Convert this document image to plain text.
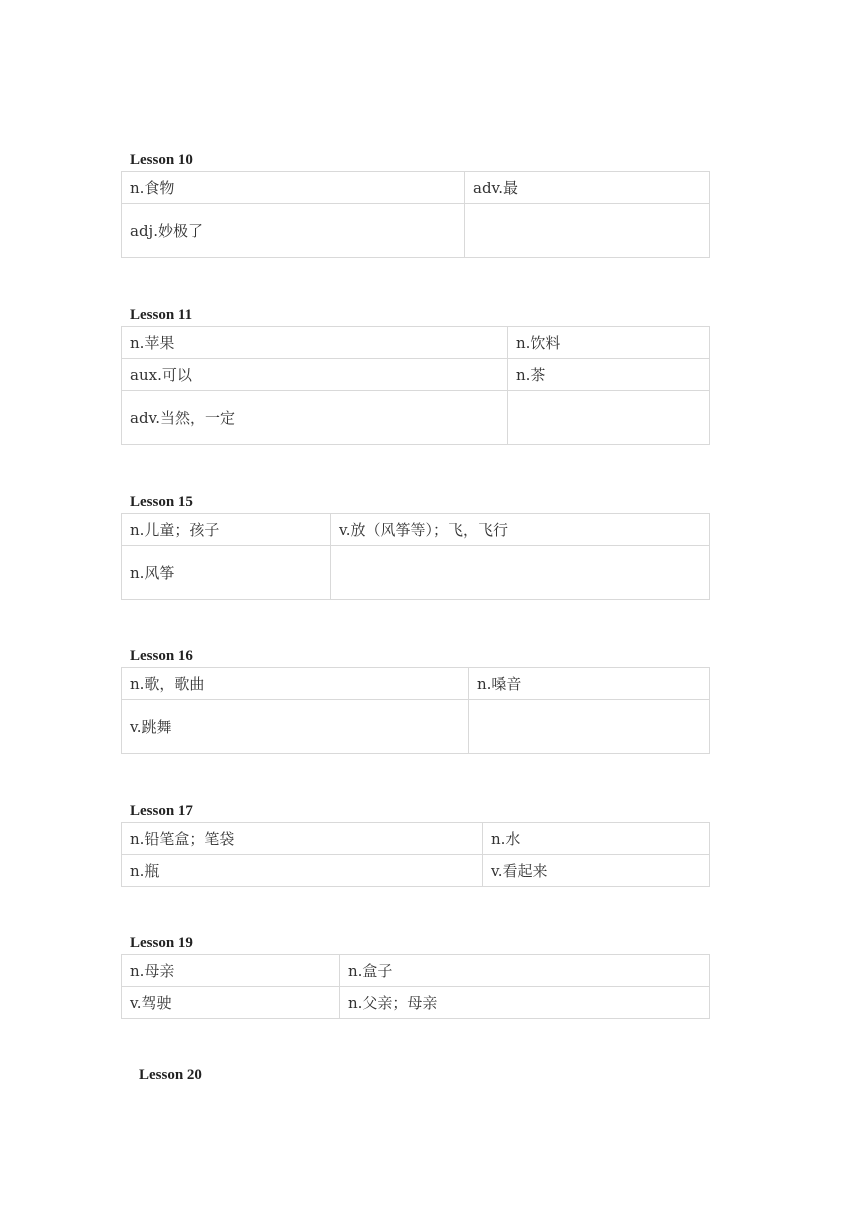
Lesson 10
n.食物	adv.最
adj.妙极了	
Lesson 11
n.苹果	n.饮料
aux.可以	n.茶
adv.当然，一定	
Lesson 15
n.儿童；孩子	v.放（风筝等）；飞，飞行
n.风筝	
Lesson 16
n.歌，歌曲	n.嗓音
v.跳舞	
Lesson 17
n.铅笔盒；笔袋	n.水
n.瓶	v.看起来
Lesson 19
n.母亲	n.盒子
v.驾驶	n.父亲；母亲
Lesson 20
